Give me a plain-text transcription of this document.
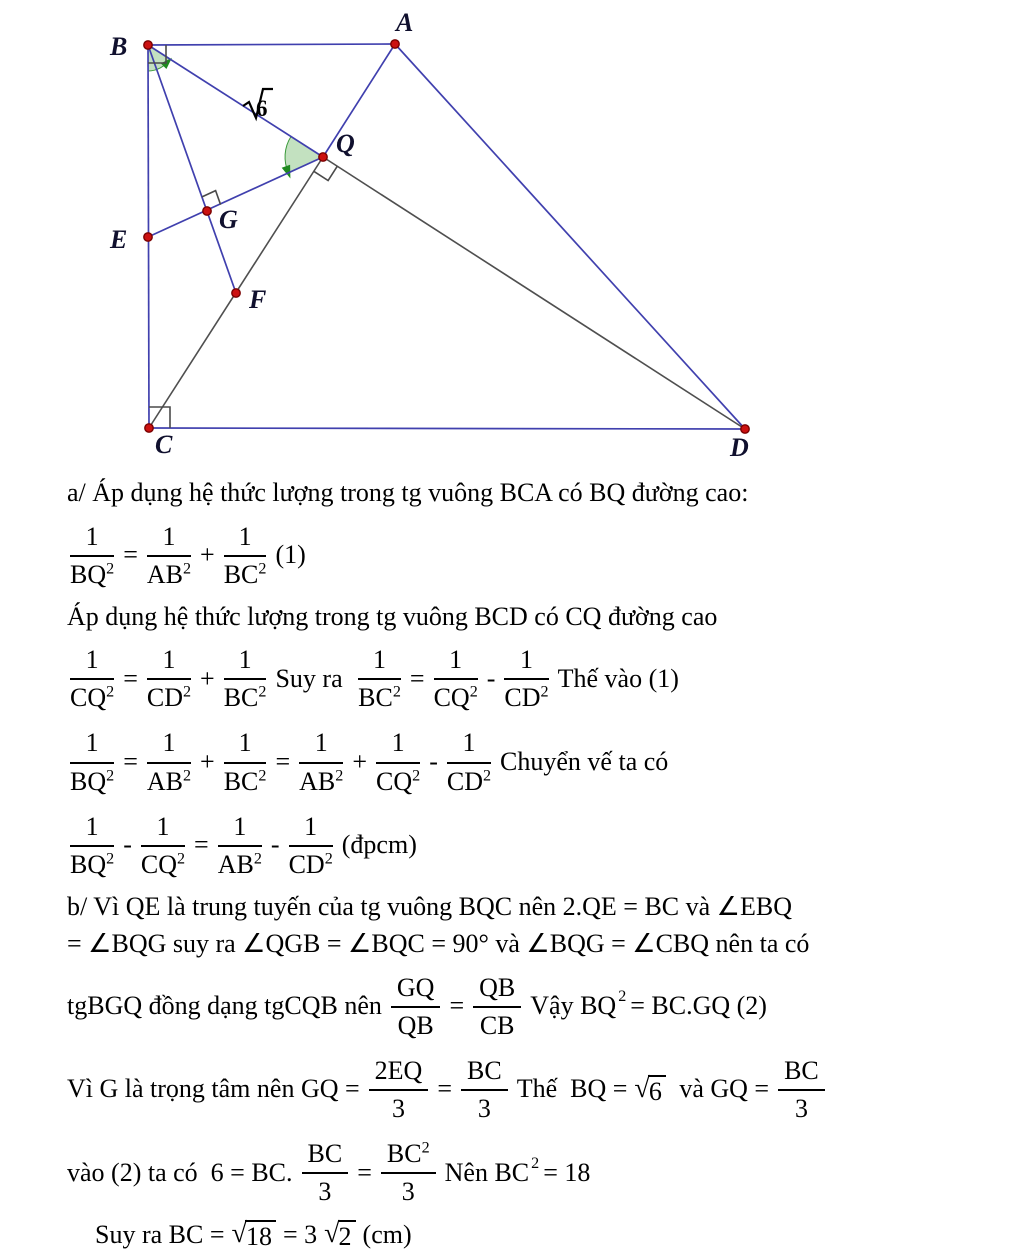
6
B
A
Q
G
E
F
C	D
a/ Áp dụng hệ thức lượng trong tg vuông BCA có BQ đường cao:
$\frac{1}{BQ^2} = \frac{1}{AB^2} + \frac{1}{BC^2} (1)$
Áp dụng hệ thức lượng trong tg vuông BCD có CQ đường cao
$\frac{1}{CQ^2} = \frac{1}{CD^2} + \frac{1}{BC^2}$ Suy ra $\frac{1}{BC^2} = \frac{1}{CQ^2} - \frac{1}{CD^2}$ Thế vào (1)
$\frac{1}{BQ^2} = \frac{1}{AB^2} + \frac{1}{BC^2} = \frac{1}{AB^2} + \frac{1}{CQ^2} - \frac{1}{CD^2}$ Chuyển vế ta có
$\frac{1}{BQ^2} - \frac{1}{CQ^2} = \frac{1}{AB^2} - \frac{1}{CD^2}$ (đpcm)
b/ Vì QE là trung tuyến của tg vuông BQC nên 2.QE = BC và ∠EBQ
= ∠BQG suy ra ∠QGB = ∠BQC = 90° và ∠BQG = ∠CBQ nên ta có
tgBGQ đồng dạng tgCQB nên $\frac{GQ}{QB} = \frac{QB}{CB}$ Vậy $BQ^2 = BC.GQ$ (2)
Vì G là trọng tâm nên GQ = $\frac{2EQ}{3} = \frac{BC}{3}$ Thế  BQ = √ 6 và GQ = $\frac{BC}{3}$
vào (2) ta có  6 = BC. $\frac{BC}{3} = \frac{BC^2}{3}$ Nên $BC^2 = 18$
Suy ra BC = √ 18 = 3 √ 2 (cm)
